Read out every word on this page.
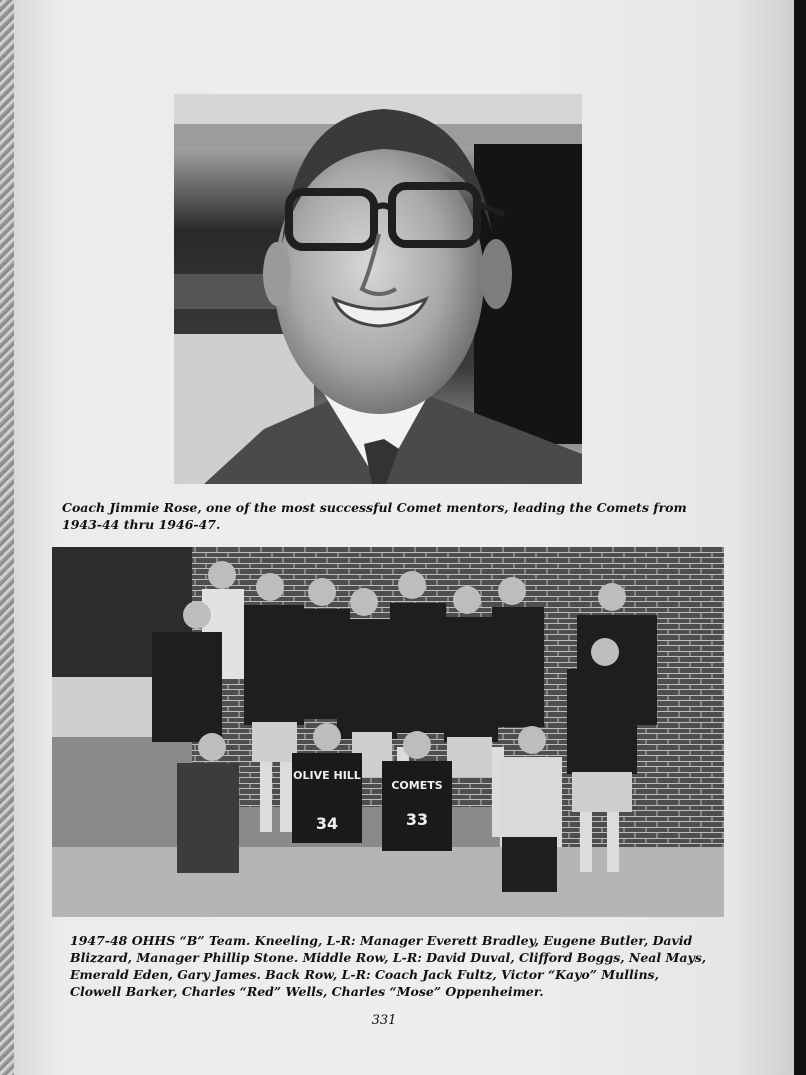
Coach Jimmie Rose, one of the most successful Comet mentors, leading the Comets from 1943-44 thru 1946-47.

OLIVE HILL
34
COMETS
33

1947-48 OHHS “B” Team. Kneeling, L-R: Manager Everett Bradley, Eugene Butler, David Blizzard, Manager Phillip Stone. Middle Row, L-R: David Duval, Clifford Boggs, Neal Mays, Emerald Eden, Gary James. Back Row, L-R: Coach Jack Fultz, Victor “Kayo” Mullins, Clowell Barker, Charles “Red” Wells, Charles “Mose” Oppenheimer.

331
